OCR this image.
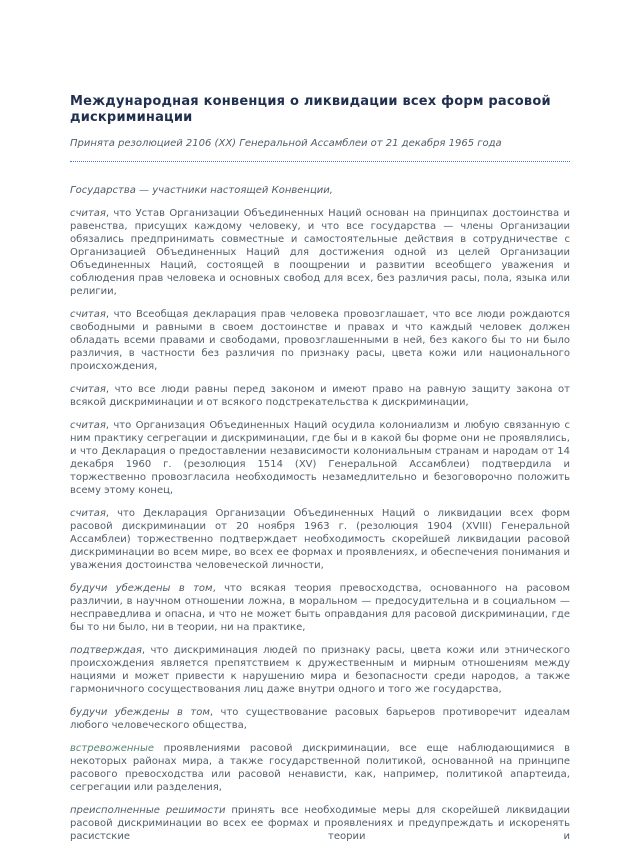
Международная конвенция о ликвидации всех форм расовой дискриминации

Принята резолюцией 2106 (XX) Генеральной Ассамблеи от 21 декабря 1965 года

Государства — участники настоящей Конвенции,

считая, что Устав Организации Объединенных Наций основан на принципах достоинства и равенства, присущих каждому человеку, и что все государства — члены Организации обязались предпринимать совместные и самостоятельные действия в сотрудничестве с Организацией Объединенных Наций для достижения одной из целей Организации Объединенных Наций, состоящей в поощрении и развитии всеобщего уважения и соблюдения прав человека и основных свобод для всех, без различия расы, пола, языка или религии,

считая, что Всеобщая декларация прав человека провозглашает, что все люди рождаются свободными и равными в своем достоинстве и правах и что каждый человек должен обладать всеми правами и свободами, провозглашенными в ней, без какого бы то ни было различия, в частности без различия по признаку расы, цвета кожи или национального происхождения,

считая, что все люди равны перед законом и имеют право на равную защиту закона от всякой дискриминации и от всякого подстрекательства к дискриминации,

считая, что Организация Объединенных Наций осудила колониализм и любую связанную с ним практику сегрегации и дискриминации, где бы и в какой бы форме они не проявлялись, и что Декларация о предоставлении независимости колониальным странам и народам от 14 декабря 1960 г. (резолюция 1514 (XV) Генеральной Ассамблеи) подтвердила и торжественно провозгласила необходимость незамедлительно и безоговорочно положить всему этому конец,

считая, что Декларация Организации Объединенных Наций о ликвидации всех форм расовой дискриминации от 20 ноября 1963 г. (резолюция 1904 (XVIII) Генеральной Ассамблеи) торжественно подтверждает необходимость скорейшей ликвидации расовой дискриминации во всем мире, во всех ее формах и проявлениях, и обеспечения понимания и уважения достоинства человеческой личности,

будучи убеждены в том, что всякая теория превосходства, основанного на расовом различии, в научном отношении ложна, в моральном — предосудительна и в социальном — несправедлива и опасна, и что не может быть оправдания для расовой дискриминации, где бы то ни было, ни в теории, ни на практике,

подтверждая, что дискриминация людей по признаку расы, цвета кожи или этнического происхождения является препятствием к дружественным и мирным отношениям между нациями и может привести к нарушению мира и безопасности среди народов, а также гармоничного сосуществования лиц даже внутри одного и того же государства,

будучи убеждены в том, что существование расовых барьеров противоречит идеалам любого человеческого общества,

встревоженные проявлениями расовой дискриминации, все еще наблюдающимися в некоторых районах мира, а также государственной политикой, основанной на принципе расового превосходства или расовой ненависти, как, например, политикой апартеида, сегрегации или разделения,

преисполненные решимости принять все необходимые меры для скорейшей ликвидации расовой дискриминации во всех ее формах и проявлениях и предупреждать и искоренять расистские теории и
